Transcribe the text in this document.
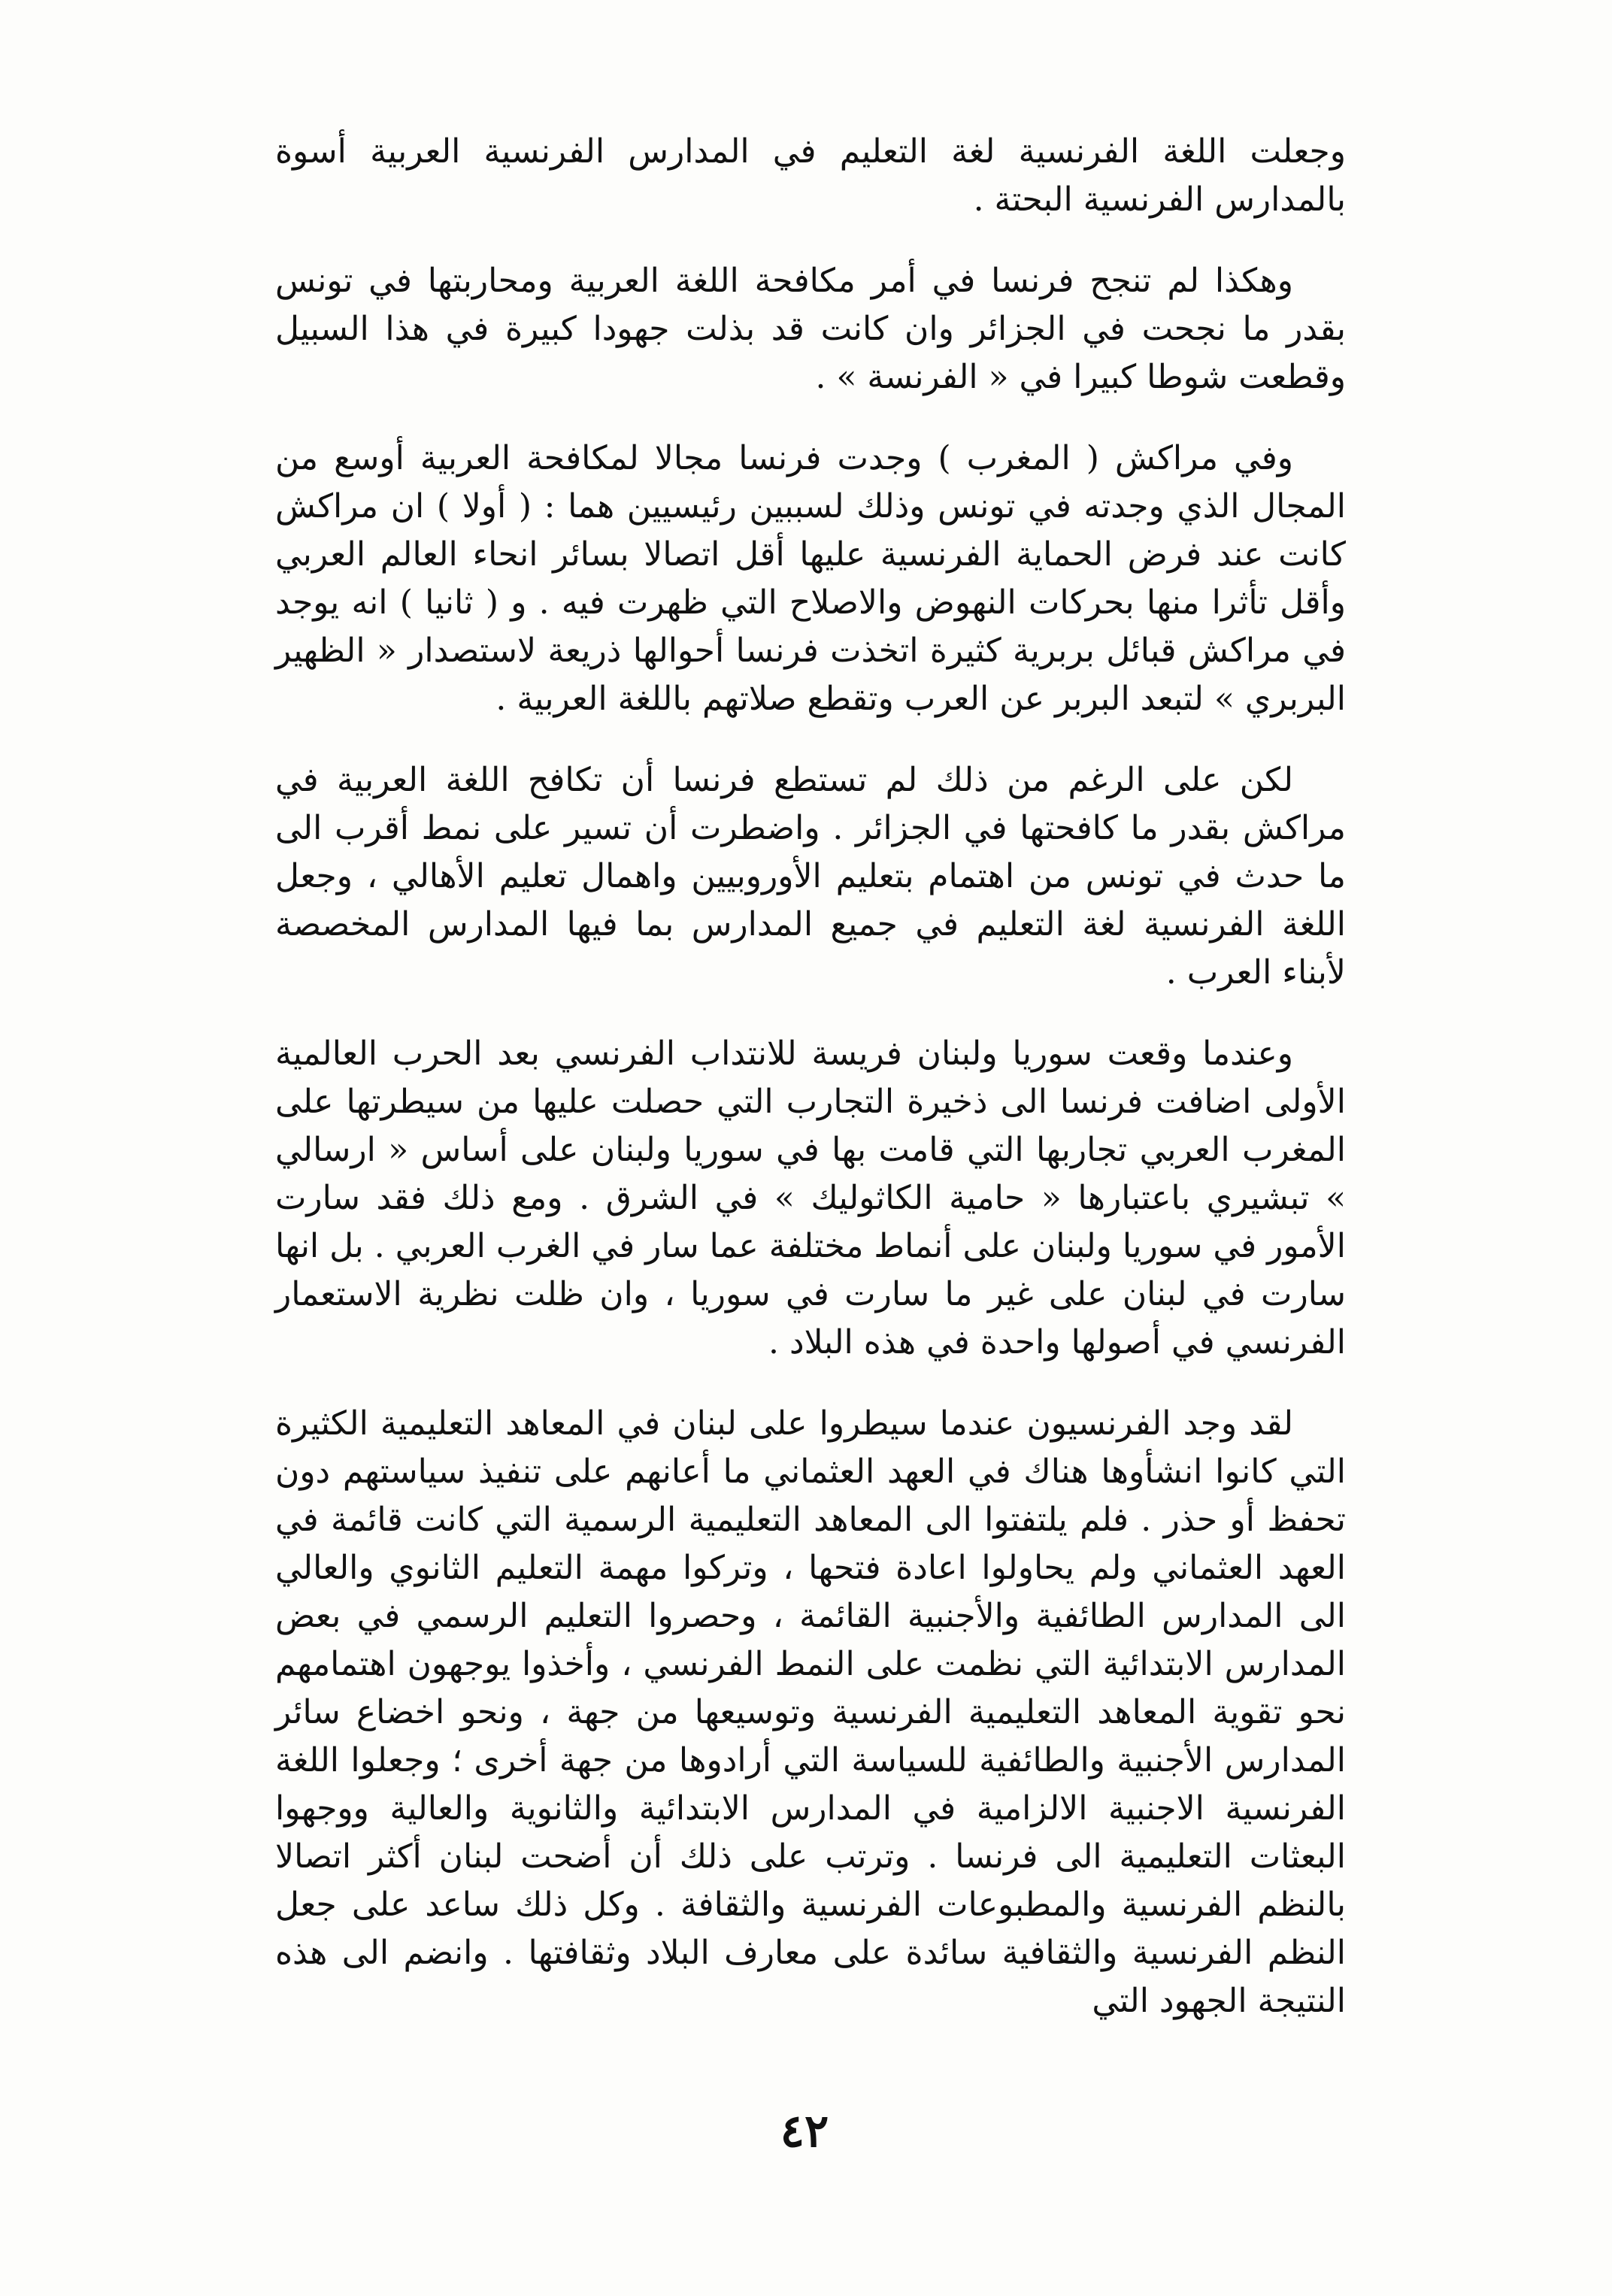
وجعلت اللغة الفرنسية لغة التعليم في المدارس الفرنسية العربية أسوة بالمدارس الفرنسية البحتة .

وهكذا لم تنجح فرنسا في أمر مكافحة اللغة العربية ومحاربتها في تونس بقدر ما نجحت في الجزائر وان كانت قد بذلت جهودا كبيرة في هذا السبيل وقطعت شوطا كبيرا في « الفرنسة » .

وفي مراكش ( المغرب ) وجدت فرنسا مجالا لمكافحة العربية أوسع من المجال الذي وجدته في تونس وذلك لسببين رئيسيين هما : ( أولا ) ان مراكش كانت عند فرض الحماية الفرنسية عليها أقل اتصالا بسائر انحاء العالم العربي وأقل تأثرا منها بحركات النهوض والاصلاح التي ظهرت فيه . و ( ثانيا ) انه يوجد في مراكش قبائل بربرية كثيرة اتخذت فرنسا أحوالها ذريعة لاستصدار « الظهير البربري » لتبعد البربر عن العرب وتقطع صلاتهم باللغة العربية .

لكن على الرغم من ذلك لم تستطع فرنسا أن تكافح اللغة العربية في مراكش بقدر ما كافحتها في الجزائر . واضطرت أن تسير على نمط أقرب الى ما حدث في تونس من اهتمام بتعليم الأوروبيين واهمال تعليم الأهالي ، وجعل اللغة الفرنسية لغة التعليم في جميع المدارس بما فيها المدارس المخصصة لأبناء العرب .

وعندما وقعت سوريا ولبنان فريسة للانتداب الفرنسي بعد الحرب العالمية الأولى اضافت فرنسا الى ذخيرة التجارب التي حصلت عليها من سيطرتها على المغرب العربي تجاربها التي قامت بها في سوريا ولبنان على أساس « ارسالي » تبشيري باعتبارها « حامية الكاثوليك » في الشرق . ومع ذلك فقد سارت الأمور في سوريا ولبنان على أنماط مختلفة عما سار في الغرب العربي . بل انها سارت في لبنان على غير ما سارت في سوريا ، وان ظلت نظرية الاستعمار الفرنسي في أصولها واحدة في هذه البلاد .

لقد وجد الفرنسيون عندما سيطروا على لبنان في المعاهد التعليمية الكثيرة التي كانوا انشأوها هناك في العهد العثماني ما أعانهم على تنفيذ سياستهم دون تحفظ أو حذر . فلم يلتفتوا الى المعاهد التعليمية الرسمية التي كانت قائمة في العهد العثماني ولم يحاولوا اعادة فتحها ، وتركوا مهمة التعليم الثانوي والعالي الى المدارس الطائفية والأجنبية القائمة ، وحصروا التعليم الرسمي في بعض المدارس الابتدائية التي نظمت على النمط الفرنسي ، وأخذوا يوجهون اهتمامهم نحو تقوية المعاهد التعليمية الفرنسية وتوسيعها من جهة ، ونحو اخضاع سائر المدارس الأجنبية والطائفية للسياسة التي أرادوها من جهة أخرى ؛ وجعلوا اللغة الفرنسية الاجنبية الالزامية في المدارس الابتدائية والثانوية والعالية ووجهوا البعثات التعليمية الى فرنسا . وترتب على ذلك أن أضحت لبنان أكثر اتصالا بالنظم الفرنسية والمطبوعات الفرنسية والثقافة . وكل ذلك ساعد على جعل النظم الفرنسية والثقافية سائدة على معارف البلاد وثقافتها . وانضم الى هذه النتيجة الجهود التي

٤٢
